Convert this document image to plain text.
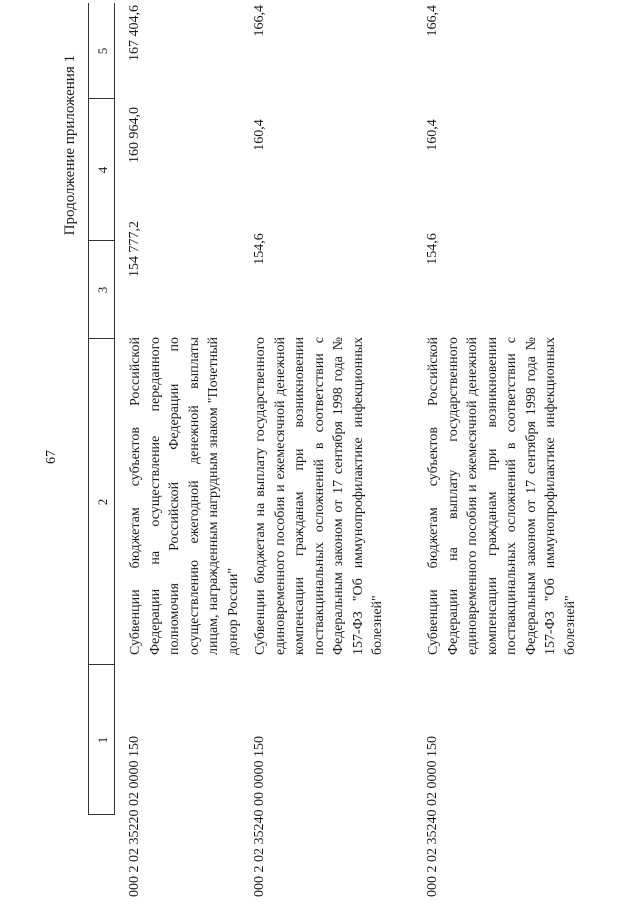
67
Продолжение приложения 1
1
2
3
4
5
000 2 02 35220 02 0000 150
Субвенции бюджетам субъектов Российской Федерации на осуществление переданного полномочия Российской Федерации по осуществлению ежегодной денежной выплаты лицам, награжденным нагрудным знаком "Почетный донор России"
154 777,2
160 964,0
167 404,6
000 2 02 35240 00 0000 150
Субвенции бюджетам на выплату государственного единовременного пособия и ежемесячной денежной компенсации гражданам при возникновении поствакцинальных осложнений в соответствии с Федеральным законом от 17 сентября 1998 года № 157-ФЗ "Об иммунопрофилактике инфекционных болезней"
154,6
160,4
166,4
000 2 02 35240 02 0000 150
Субвенции бюджетам субъектов Российской Федерации на выплату государственного единовременного пособия и ежемесячной денежной компенсации гражданам при возникновении поствакцинальных осложнений в соответствии с Федеральным законом от 17 сентября 1998 года № 157-ФЗ "Об иммунопрофилактике инфекционных болезней"
154,6
160,4
166,4
